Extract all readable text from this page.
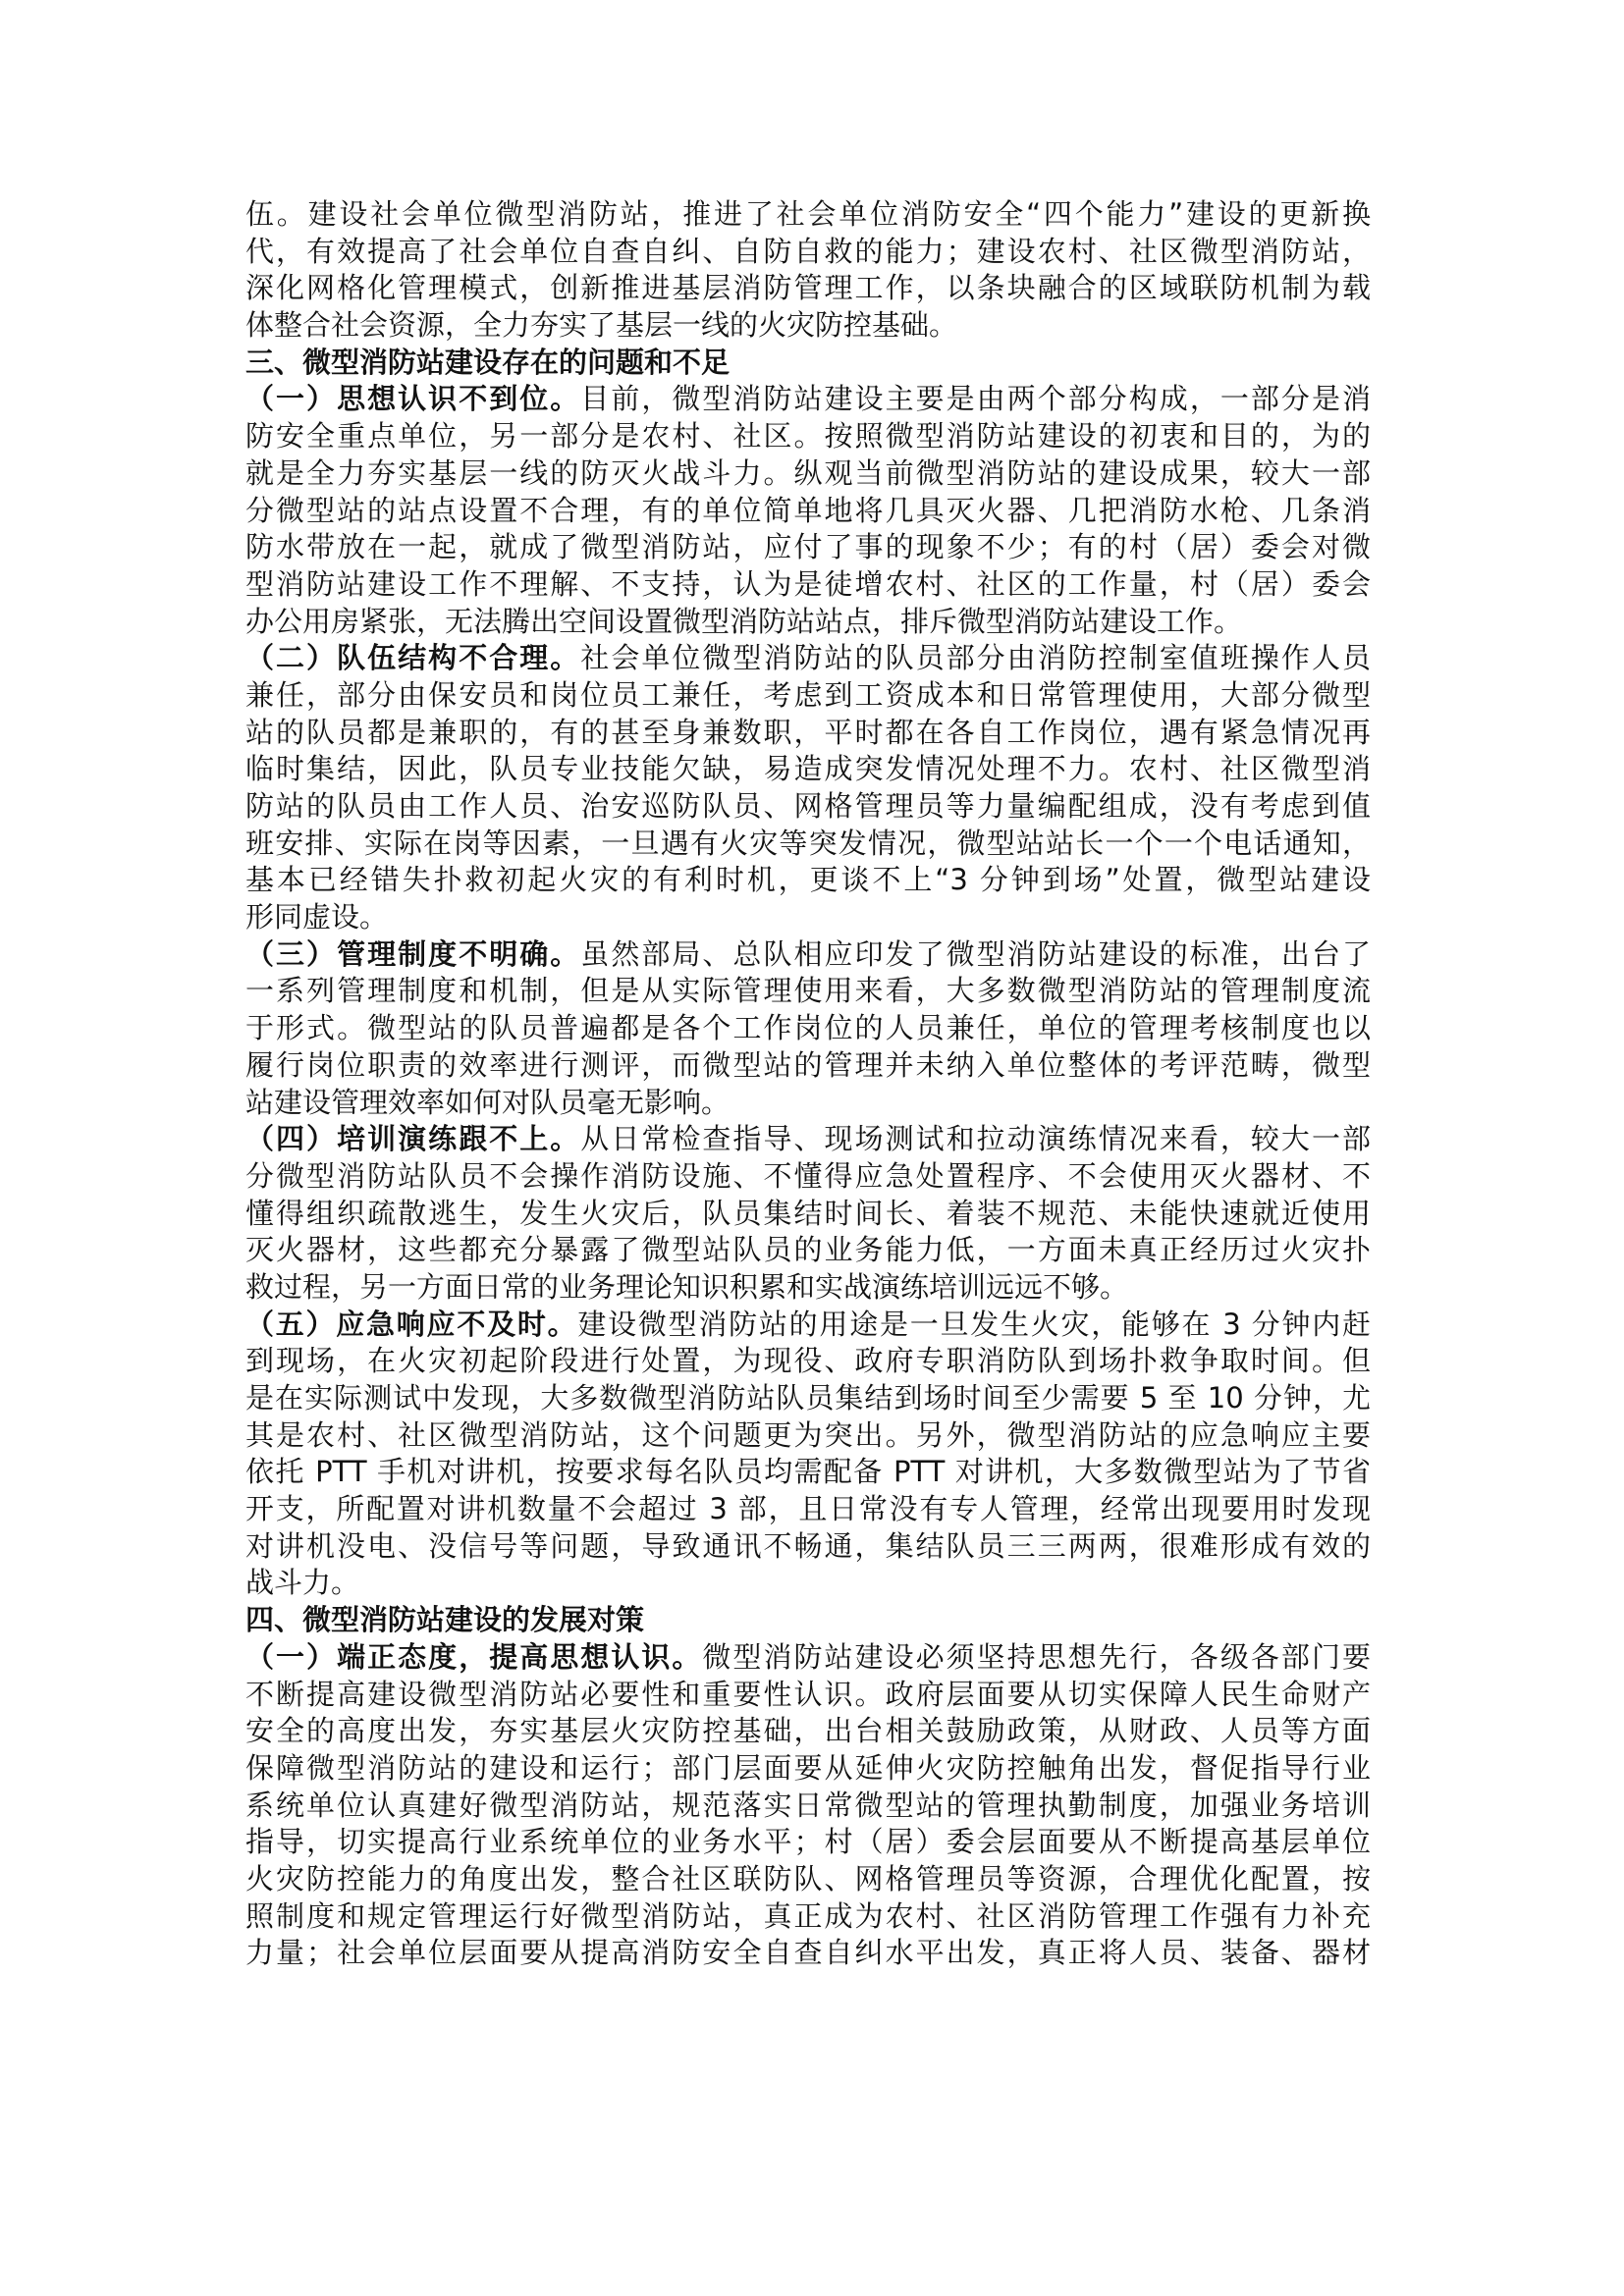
伍。建设社会单位微型消防站，推进了社会单位消防安全“四个能力”建设的更新换
代，有效提高了社会单位自查自纠、自防自救的能力；建设农村、社区微型消防站，
深化网格化管理模式，创新推进基层消防管理工作，以条块融合的区域联防机制为载
体整合社会资源，全力夯实了基层一线的火灾防控基础。
三、微型消防站建设存在的问题和不足
（一）思想认识不到位。目前，微型消防站建设主要是由两个部分构成，一部分是消
防安全重点单位，另一部分是农村、社区。按照微型消防站建设的初衷和目的，为的
就是全力夯实基层一线的防灭火战斗力。纵观当前微型消防站的建设成果，较大一部
分微型站的站点设置不合理，有的单位简单地将几具灭火器、几把消防水枪、几条消
防水带放在一起，就成了微型消防站，应付了事的现象不少；有的村（居）委会对微
型消防站建设工作不理解、不支持，认为是徒增农村、社区的工作量，村（居）委会
办公用房紧张，无法腾出空间设置微型消防站站点，排斥微型消防站建设工作。
（二）队伍结构不合理。社会单位微型消防站的队员部分由消防控制室值班操作人员
兼任，部分由保安员和岗位员工兼任，考虑到工资成本和日常管理使用，大部分微型
站的队员都是兼职的，有的甚至身兼数职，平时都在各自工作岗位，遇有紧急情况再
临时集结，因此，队员专业技能欠缺，易造成突发情况处理不力。农村、社区微型消
防站的队员由工作人员、治安巡防队员、网格管理员等力量编配组成，没有考虑到值
班安排、实际在岗等因素，一旦遇有火灾等突发情况，微型站站长一个一个电话通知，
基本已经错失扑救初起火灾的有利时机，更谈不上“3 分钟到场”处置，微型站建设
形同虚设。
（三）管理制度不明确。虽然部局、总队相应印发了微型消防站建设的标准，出台了
一系列管理制度和机制，但是从实际管理使用来看，大多数微型消防站的管理制度流
于形式。微型站的队员普遍都是各个工作岗位的人员兼任，单位的管理考核制度也以
履行岗位职责的效率进行测评，而微型站的管理并未纳入单位整体的考评范畴，微型
站建设管理效率如何对队员毫无影响。
（四）培训演练跟不上。从日常检查指导、现场测试和拉动演练情况来看，较大一部
分微型消防站队员不会操作消防设施、不懂得应急处置程序、不会使用灭火器材、不
懂得组织疏散逃生，发生火灾后，队员集结时间长、着装不规范、未能快速就近使用
灭火器材，这些都充分暴露了微型站队员的业务能力低，一方面未真正经历过火灾扑
救过程，另一方面日常的业务理论知识积累和实战演练培训远远不够。
（五）应急响应不及时。建设微型消防站的用途是一旦发生火灾，能够在 3 分钟内赶
到现场，在火灾初起阶段进行处置，为现役、政府专职消防队到场扑救争取时间。但
是在实际测试中发现，大多数微型消防站队员集结到场时间至少需要 5 至 10 分钟，尤
其是农村、社区微型消防站，这个问题更为突出。另外，微型消防站的应急响应主要
依托 PTT 手机对讲机，按要求每名队员均需配备 PTT 对讲机，大多数微型站为了节省
开支，所配置对讲机数量不会超过 3 部，且日常没有专人管理，经常出现要用时发现
对讲机没电、没信号等问题，导致通讯不畅通，集结队员三三两两，很难形成有效的
战斗力。
四、微型消防站建设的发展对策
（一）端正态度，提高思想认识。微型消防站建设必须坚持思想先行，各级各部门要
不断提高建设微型消防站必要性和重要性认识。政府层面要从切实保障人民生命财产
安全的高度出发，夯实基层火灾防控基础，出台相关鼓励政策，从财政、人员等方面
保障微型消防站的建设和运行；部门层面要从延伸火灾防控触角出发，督促指导行业
系统单位认真建好微型消防站，规范落实日常微型站的管理执勤制度，加强业务培训
指导，切实提高行业系统单位的业务水平；村（居）委会层面要从不断提高基层单位
火灾防控能力的角度出发，整合社区联防队、网格管理员等资源，合理优化配置，按
照制度和规定管理运行好微型消防站，真正成为农村、社区消防管理工作强有力补充
力量；社会单位层面要从提高消防安全自查自纠水平出发，真正将人员、装备、器材
